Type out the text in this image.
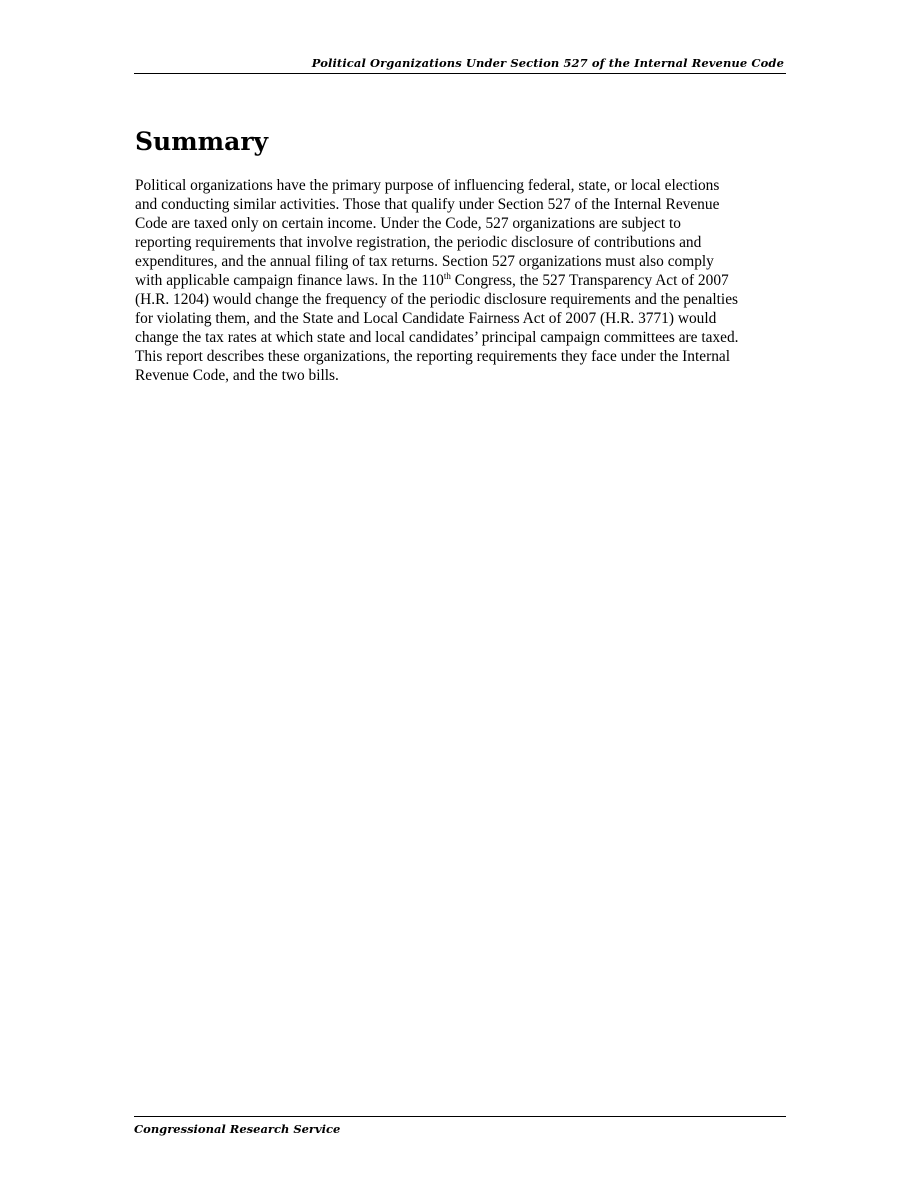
Political Organizations Under Section 527 of the Internal Revenue Code
Summary

Political organizations have the primary purpose of influencing federal, state, or local elections
and conducting similar activities. Those that qualify under Section 527 of the Internal Revenue
Code are taxed only on certain income. Under the Code, 527 organizations are subject to
reporting requirements that involve registration, the periodic disclosure of contributions and
expenditures, and the annual filing of tax returns. Section 527 organizations must also comply
with applicable campaign finance laws. In the 110th Congress, the 527 Transparency Act of 2007
(H.R. 1204) would change the frequency of the periodic disclosure requirements and the penalties
for violating them, and the State and Local Candidate Fairness Act of 2007 (H.R. 3771) would
change the tax rates at which state and local candidates’ principal campaign committees are taxed.
This report describes these organizations, the reporting requirements they face under the Internal
Revenue Code, and the two bills.

Congressional Research Service
